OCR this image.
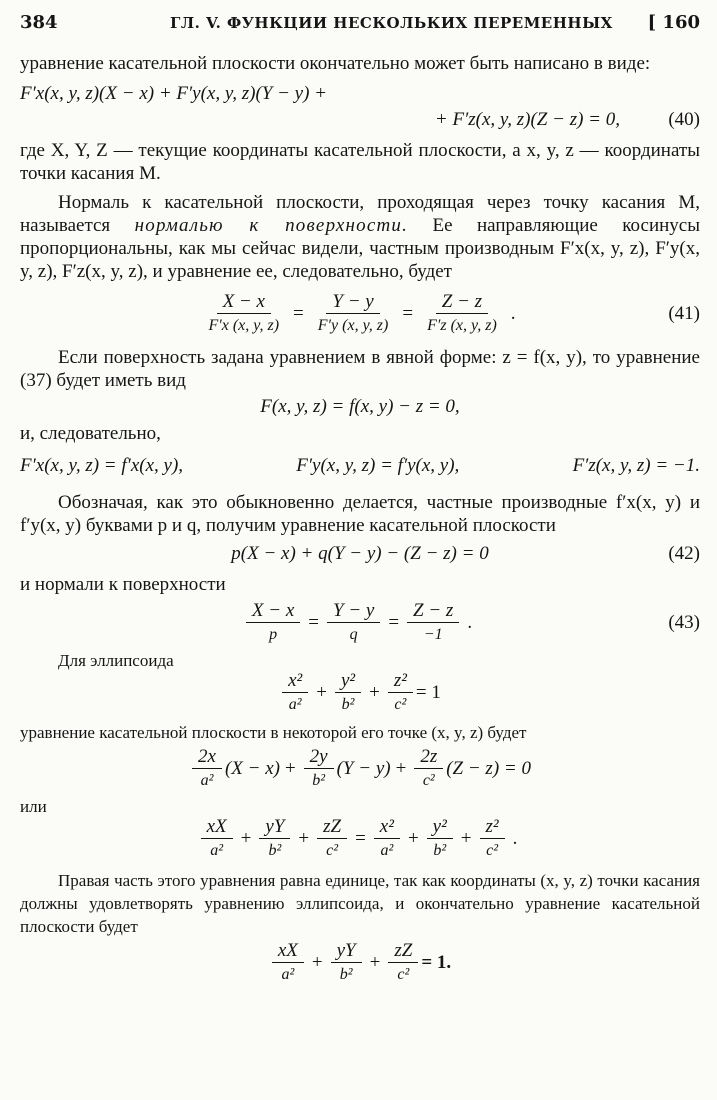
384	ГЛ. V. ФУНКЦИИ НЕСКОЛЬКИХ ПЕРЕМЕННЫХ [ 160

уравнение касательной плоскости окончательно может быть написано в виде:

F′x(x, y, z)(X − x) + F′y(x, y, z)(Y − y) +
+ F′z(x, y, z)(Z − z) = 0,	(40)

где X, Y, Z — текущие координаты касательной плоскости, а x, y, z — координаты точки касания M.

Нормаль к касательной плоскости, проходящая через точку касания M, называется нормалью к поверхности. Ее направляющие косинусы пропорциональны, как мы сейчас видели, частным производным F′x(x, y, z), F′y(x, y, z), F′z(x, y, z), и уравнение ее, следовательно, будет

$\frac{X - x}{F'x (x, y, z)} = \frac{Y - y}{F'y (x, y, z)} = \frac{Z - z}{F'z (x, y, z)}$ .	(41)

Если поверхность задана уравнением в явной форме: z = f(x, y), то уравнение (37) будет иметь вид

F(x, y, z) = f(x, y) − z = 0,

и, следовательно,

F′x(x, y, z) = f′x(x, y),	F′y(x, y, z) = f′y(x, y),	F′z(x, y, z) = −1.

Обозначая, как это обыкновенно делается, частные производные f′x(x, y) и f′y(x, y) буквами p и q, получим уравнение касательной плоскости

p(X − x) + q(Y − y) − (Z − z) = 0	(42)

и нормали к поверхности

$\frac{X - x}{p} = \frac{Y - y}{q} = \frac{Z - z}{-1}$ .	(43)

Для эллипсоида

$\frac{\text{x²}}{\text{a²}} + \frac{\text{y²}}{\text{b²}} + \frac{\text{z²}}{\text{c²}} = 1$

уравнение касательной плоскости в некоторой его точке (x, y, z) будет

$\frac{2x}{\text{a²}} (X - x) + \frac{2y}{\text{b²}} (Y - y) + \frac{2z}{\text{c²}} (Z - z) = 0$

или

$\frac{xX}{\text{a²}} + \frac{yY}{\text{b²}} + \frac{zZ}{\text{c²}} = \frac{\text{x²}}{\text{a²}} + \frac{\text{y²}}{\text{b²}} + \frac{\text{z²}}{\text{c²}}$ .

Правая часть этого уравнения равна единице, так как координаты (x, y, z) точки касания должны удовлетворять уравнению эллипсоида, и окончательно уравнение касательной плоскости будет

$\frac{xX}{\text{a²}} + \frac{yY}{\text{b²}} + \frac{zZ}{\text{c²}} = 1$.
